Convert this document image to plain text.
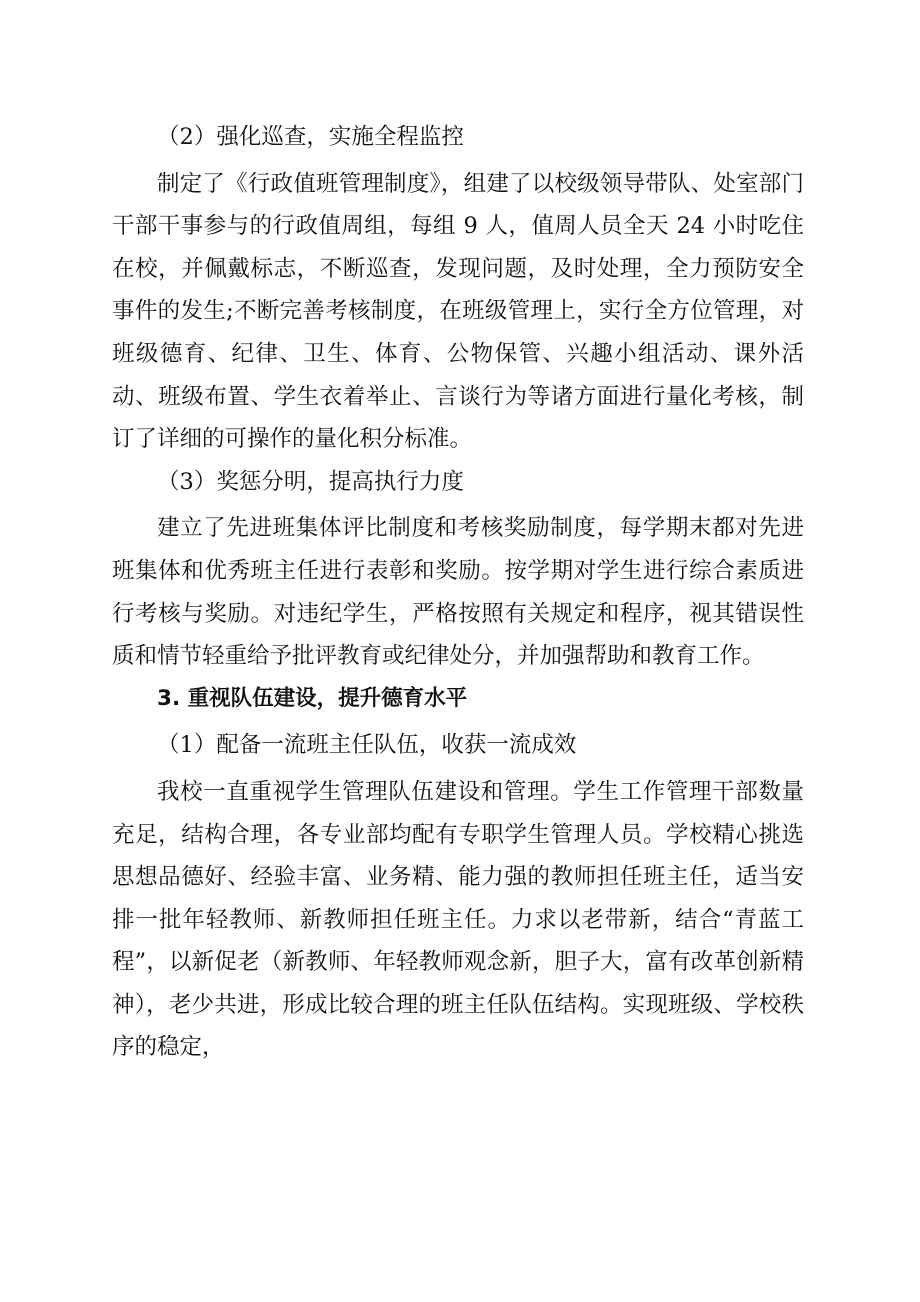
（2）强化巡查，实施全程监控

制定了《行政值班管理制度》，组建了以校级领导带队、处室部门干部干事参与的行政值周组，每组 9 人，值周人员全天 24 小时吃住在校，并佩戴标志，不断巡查，发现问题，及时处理，全力预防安全事件的发生;不断完善考核制度，在班级管理上，实行全方位管理，对班级德育、纪律、卫生、体育、公物保管、兴趣小组活动、课外活动、班级布置、学生衣着举止、言谈行为等诸方面进行量化考核，制订了详细的可操作的量化积分标准。

（3）奖惩分明，提高执行力度

建立了先进班集体评比制度和考核奖励制度，每学期末都对先进班集体和优秀班主任进行表彰和奖励。按学期对学生进行综合素质进行考核与奖励。对违纪学生，严格按照有关规定和程序，视其错误性质和情节轻重给予批评教育或纪律处分，并加强帮助和教育工作。

3. 重视队伍建设，提升德育水平

（1）配备一流班主任队伍，收获一流成效

我校一直重视学生管理队伍建设和管理。学生工作管理干部数量充足，结构合理，各专业部均配有专职学生管理人员。学校精心挑选思想品德好、经验丰富、业务精、能力强的教师担任班主任，适当安排一批年轻教师、新教师担任班主任。力求以老带新，结合“青蓝工程”，以新促老（新教师、年轻教师观念新，胆子大，富有改革创新精神），老少共进，形成比较合理的班主任队伍结构。实现班级、学校秩序的稳定，
